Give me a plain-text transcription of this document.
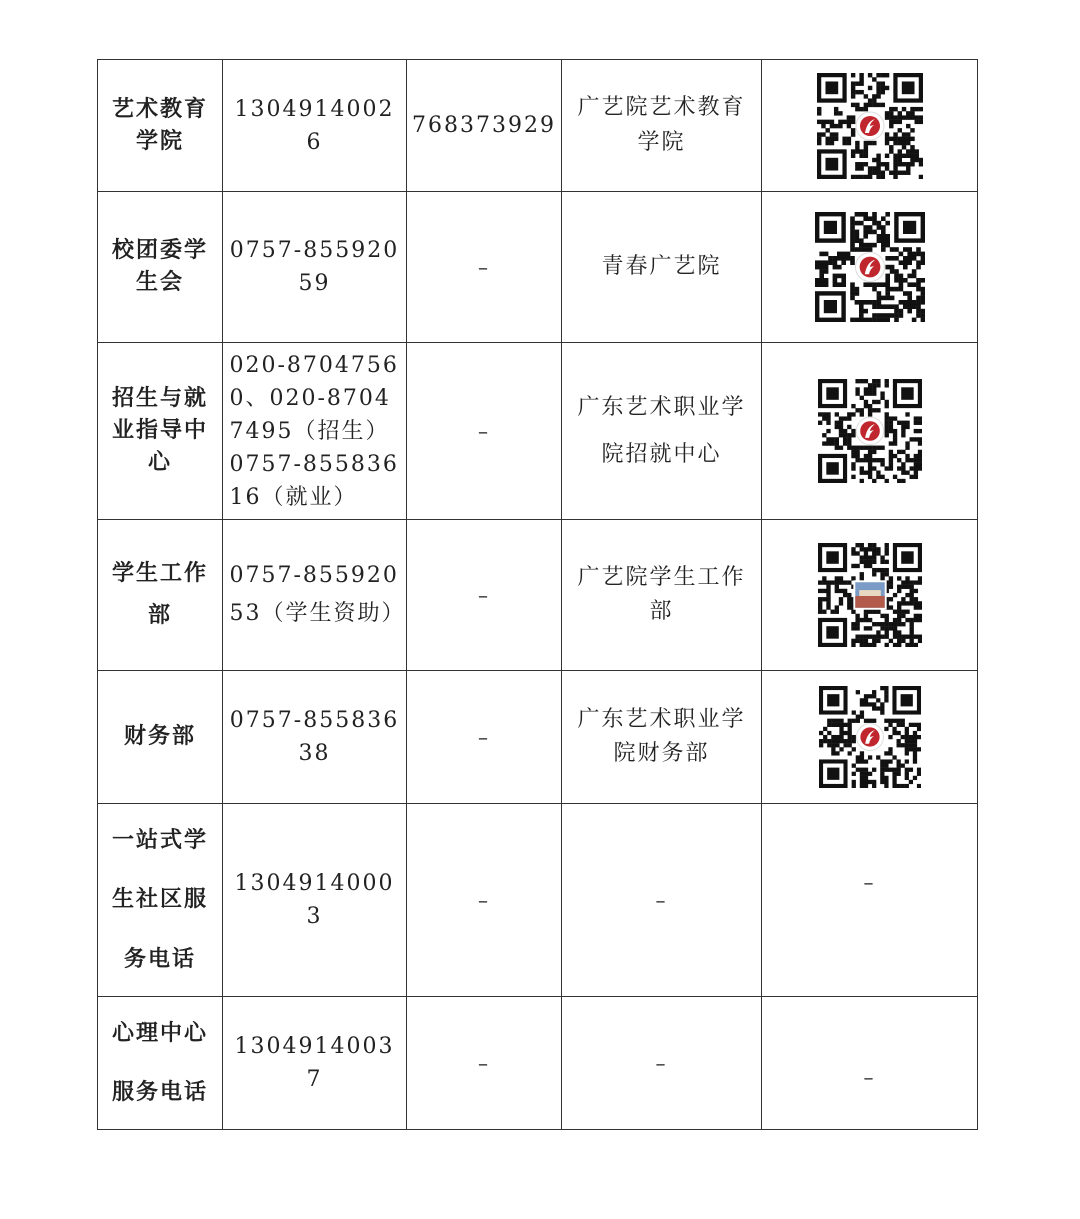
艺术教育学院	13049140026	768373929	广艺院艺术教育学院	

校团委学生会	0757-85592059	–	青春广艺院	

招生与就业指导中心	020-87047560、020-87047495（招生）0757-85583616（就业）	–	广东艺术职业学院招就中心	

学生工作部	0757-85592053（学生资助）	–	广艺院学生工作部	

财务部	0757-85583638	–	广东艺术职业学院财务部	

一站式学生社区服务电话	13049140003	–	–	–
心理中心服务电话	13049140037	–	–	–
